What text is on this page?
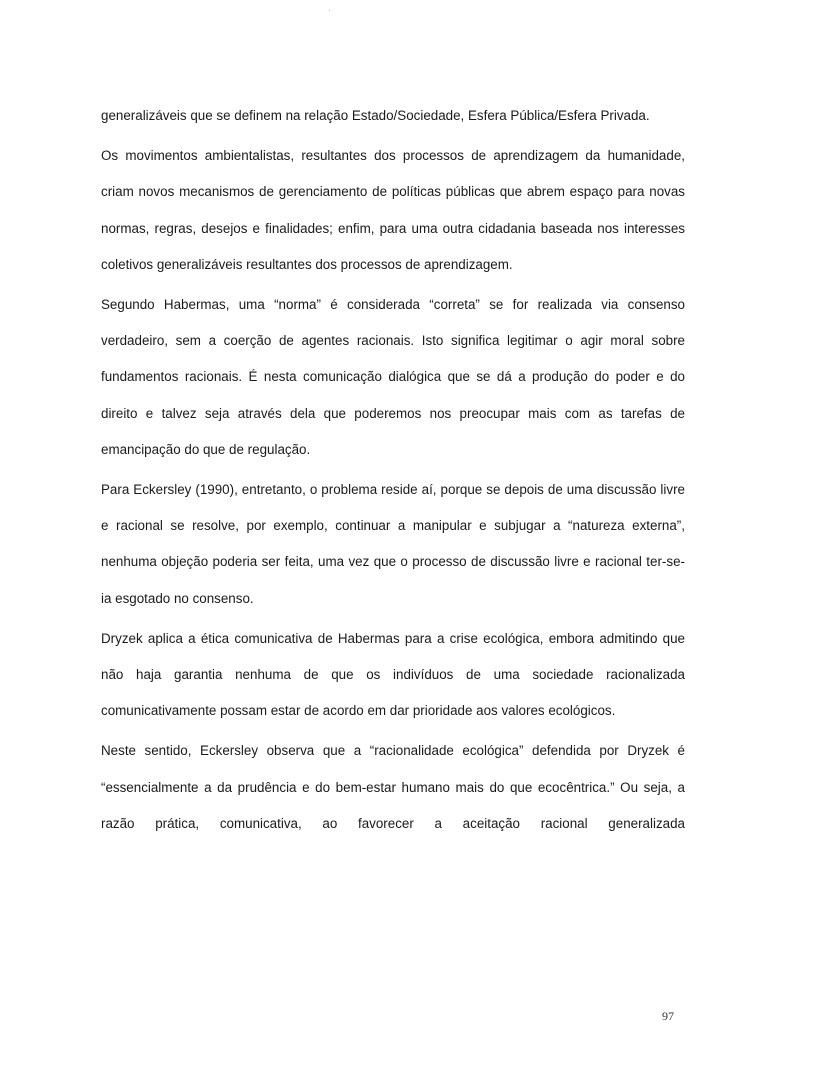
generalizáveis que se definem na relação Estado/Sociedade, Esfera Pública/Esfera Privada.

Os movimentos ambientalistas, resultantes dos processos de aprendizagem da humanidade, criam novos mecanismos de gerenciamento de políticas públicas que abrem espaço para novas normas, regras, desejos e finalidades; enfim, para uma outra cidadania baseada nos interesses coletivos generalizáveis resultantes dos processos de aprendizagem.

Segundo Habermas, uma “norma” é considerada “correta” se for realizada via consenso verdadeiro, sem a coerção de agentes racionais. Isto significa legitimar o agir moral sobre fundamentos racionais. É nesta comunicação dialógica que se dá a produção do poder e do direito e talvez seja através dela que poderemos nos preocupar mais com as tarefas de emancipação do que de regulação.

Para Eckersley (1990), entretanto, o problema reside aí, porque se depois de uma discussão livre e racional se resolve, por exemplo, continuar a manipular e subjugar a “natureza externa”, nenhuma objeção poderia ser feita, uma vez que o processo de discussão livre e racional ter-se-ia esgotado no consenso.

Dryzek aplica a ética comunicativa de Habermas para a crise ecológica, embora admitindo que não haja garantia nenhuma de que os indivíduos de uma sociedade racionalizada comunicativamente possam estar de acordo em dar prioridade aos valores ecológicos.

Neste sentido, Eckersley observa que a “racionalidade ecológica” defendida por Dryzek é “essencialmente a da prudência e do bem-estar humano mais do que ecocêntrica.” Ou seja, a razão prática, comunicativa, ao favorecer a aceitação racional generalizada

97
